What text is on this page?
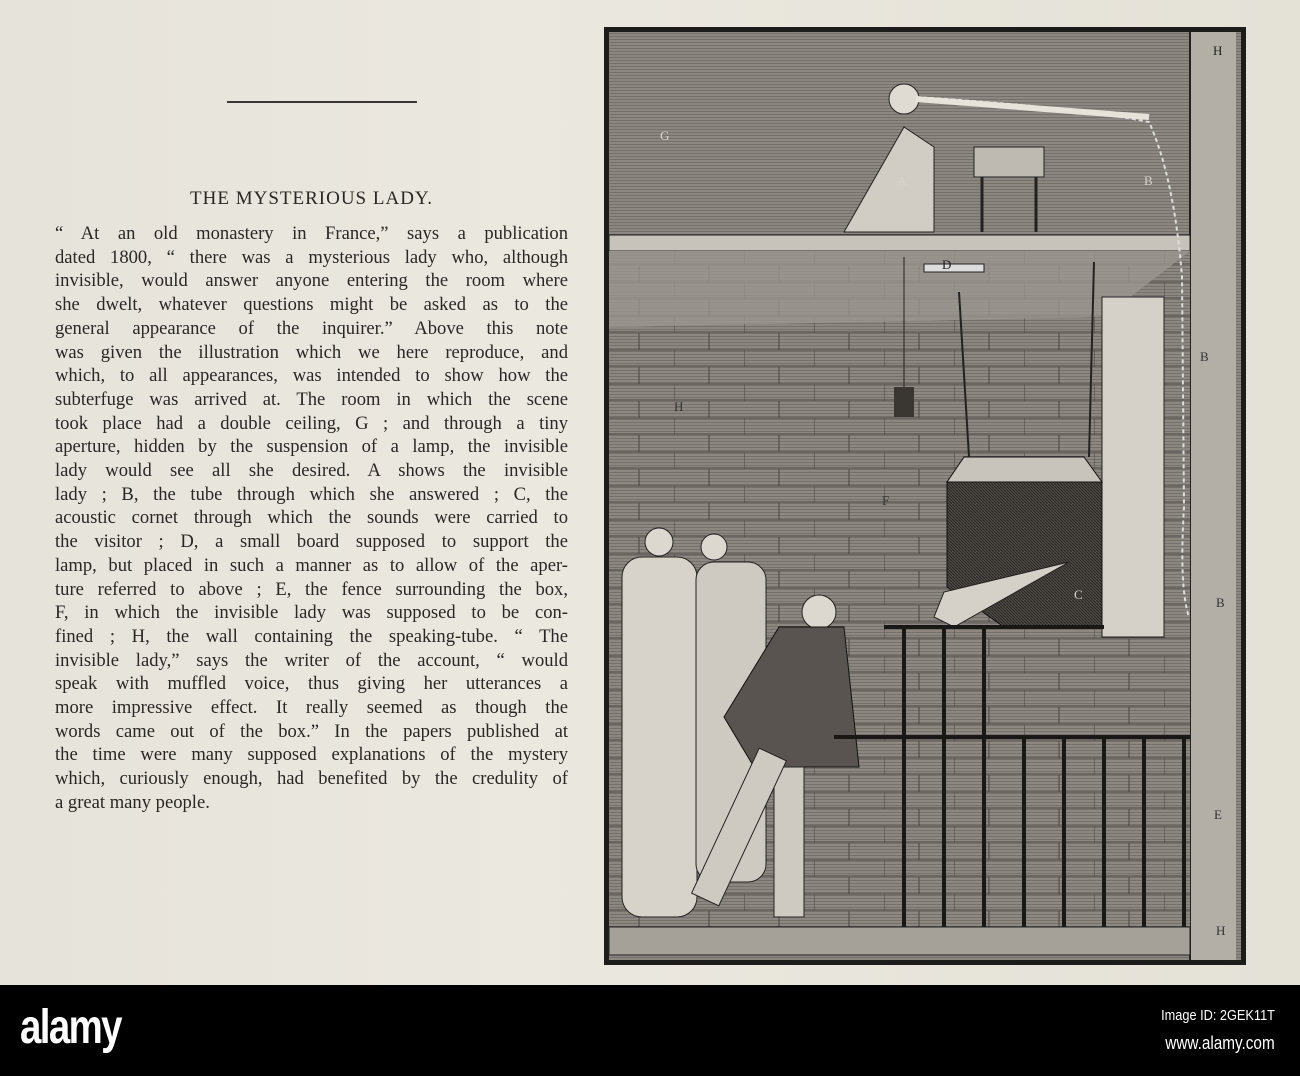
THE MYSTERIOUS LADY.
“ At an old monastery in France,” says a publication
dated 1800, “ there was a mysterious lady who, although
invisible, would answer anyone entering the room where
she dwelt, whatever questions might be asked as to the
general appearance of the inquirer.” Above this note
was given the illustration which we here reproduce, and
which, to all appearances, was intended to show how the
subterfuge was arrived at. The room in which the scene
took place had a double ceiling, G ; and through a tiny
aperture, hidden by the suspension of a lamp, the invisible
lady would see all she desired. A shows the invisible
lady ; B, the tube through which she answered ; C, the
acoustic cornet through which the sounds were carried to
the visitor ; D, a small board supposed to support the
lamp, but placed in such a manner as to allow of the aper-
ture referred to above ; E, the fence surrounding the box,
F, in which the invisible lady was supposed to be con-
fined ; H, the wall containing the speaking-tube. “ The
invisible lady,” says the writer of the account, “ would
speak with muffled voice, thus giving her utterances a
more impressive effect. It really seemed as though the
words came out of the box.” In the papers published at
the time were many supposed explanations of the mystery
which, curiously enough, had benefited by the credulity of
a great many people.
A	B
G
H
D
B
H
F
C
B
E
H
alamy	Image ID: 2GEK11T
www.alamy.com
